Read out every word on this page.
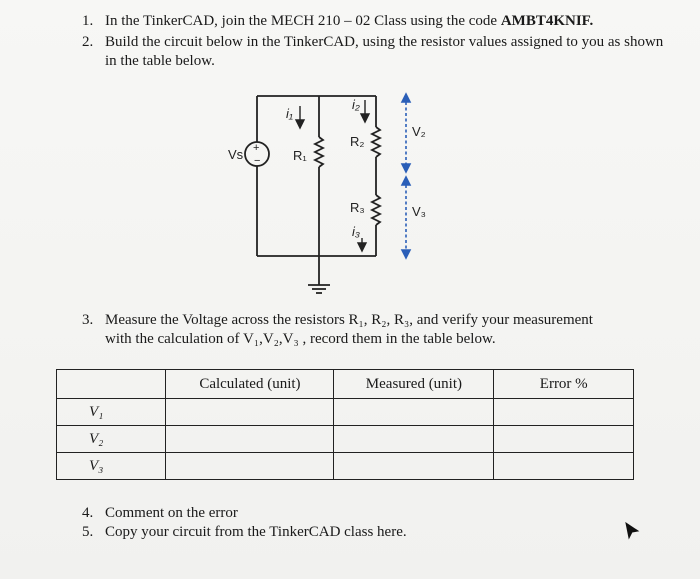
1. In the TinkerCAD, join the MECH 210 – 02 Class using the code AMBT4KNIF.
2. Build the circuit below in the TinkerCAD, using the resistor values assigned to you as shown
in the table below.
+
−
Vs
i₁
i₂
i₃
R₁
R₂
R₃
V₂
V₃
3. Measure the Voltage across the resistors R₁, R₂, R₃, and verify your measurement
with the calculation of V₁,V₂,V₃ , record them in the table below.
	Calculated (unit)	Measured (unit)	Error %
V₁			
V₂			
V₃			
4. Comment on the error
5. Copy your circuit from the TinkerCAD class here.
